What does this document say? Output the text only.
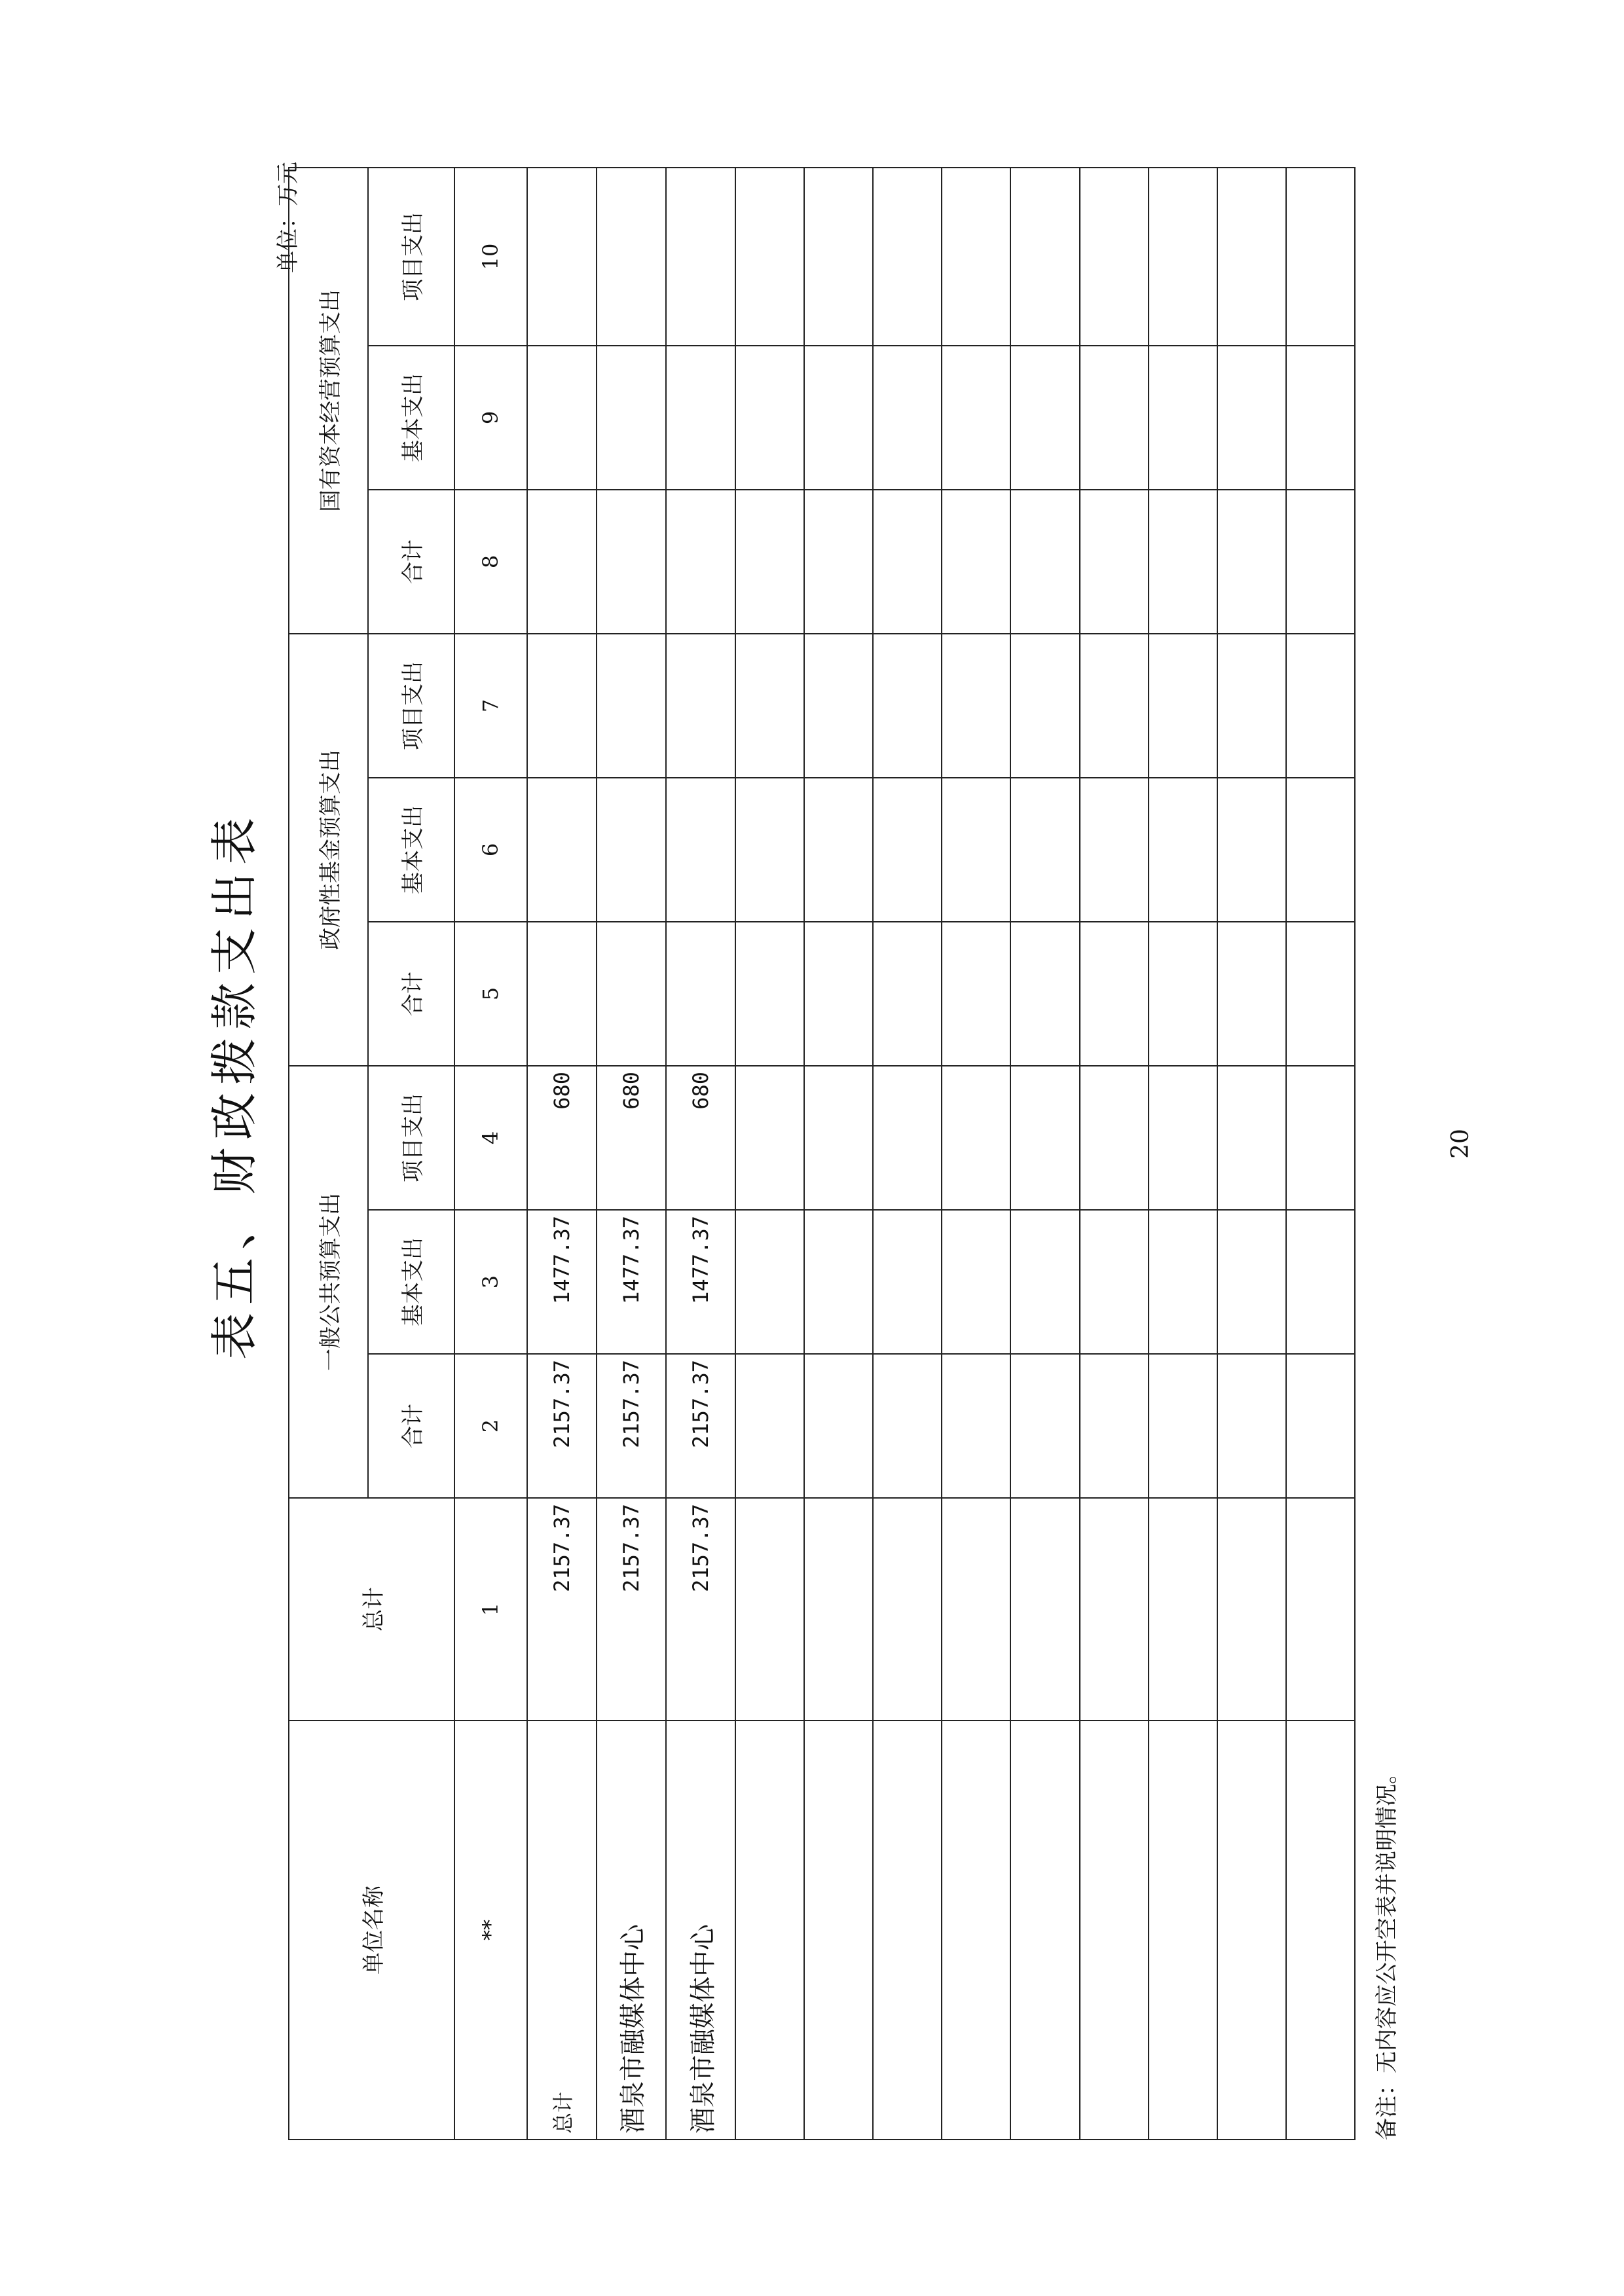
表五、财政拨款支出表
单位：万元
单位名称	总计	一般公共预算支出			政府性基金预算支出			国有资本经营预算支出		
		合计	基本支出	项目支出	合计	基本支出	项目支出	合计	基本支出	项目支出
**	1	2	3	4	5	6	7	8	9	10
总计	2157.37	2157.37	1477.37	680						
酒泉市融媒体中心	2157.37	2157.37	1477.37	680						
酒泉市融媒体中心	2157.37	2157.37	1477.37	680						

备注：无内容应公开空表并说明情况。
20
